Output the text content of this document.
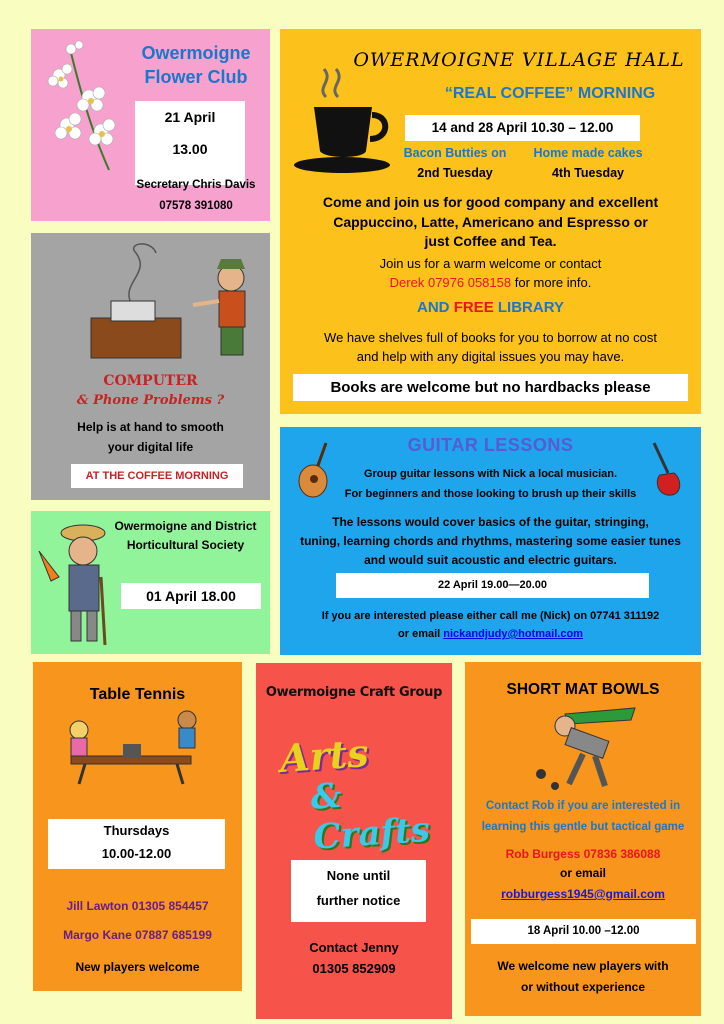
Owermoigne
Flower Club
21 April
13.00
Secretary Chris Davis
07578 391080
OWERMOIGNE VILLAGE HALL
“REAL COFFEE” MORNING
14 and 28 April 10.30 – 12.00
Bacon Butties on
2nd Tuesday
Home made cakes
4th Tuesday
Come and join us for good company and excellent
Cappuccino, Latte, Americano and Espresso or
just Coffee and Tea.
Join us for a warm welcome or contact
Derek 07976 058158 for more info.
AND FREE LIBRARY
We have shelves full of books for you to borrow at no cost
and help with any digital issues you may have.
Books are welcome but no hardbacks please
COMPUTER
& Phone Problems ?
Help is at hand to smooth
your digital life
AT THE COFFEE MORNING
GUITAR LESSONS
Group guitar lessons with Nick a local musician.
For beginners and those looking to brush up their skills
The lessons would cover basics of the guitar, stringing,
tuning, learning chords and rhythms, mastering some easier tunes
and would suit acoustic and electric guitars.
22 April 19.00—20.00
If you are interested please either call me (Nick) on 07741 311192
or email nickandjudy@hotmail.com
Owermoigne and District
Horticultural Society
01 April 18.00
Table Tennis
Thursdays
10.00-12.00
Jill Lawton 01305 854457
Margo Kane 07887 685199
New players welcome
Owermoigne Craft Group
Arts
& Crafts
None until
further notice
Contact Jenny
01305 852909
SHORT MAT BOWLS
Contact Rob if you are interested in
learning this gentle but tactical game
Rob Burgess 07836 386088
or email
robburgess1945@gmail.com
18 April 10.00 –12.00
We welcome new players with
or without experience
